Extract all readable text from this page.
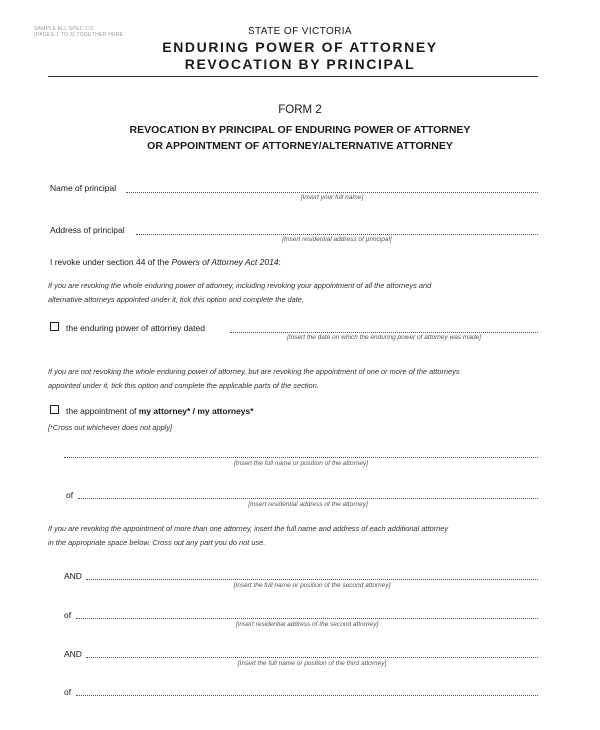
SAMPLE ALL SPEC 1/3
(PAGES 1 TO 3) TOGETHER HERE	STATE OF VICTORIA
ENDURING POWER OF ATTORNEY
REVOCATION BY PRINCIPAL
FORM 2
REVOCATION BY PRINCIPAL OF ENDURING POWER OF ATTORNEY
OR APPOINTMENT OF ATTORNEY/ALTERNATIVE ATTORNEY
Name of principal
[Insert your full name]
Address of principal
[Insert residential address of principal]
I revoke under section 44 of the Powers of Attorney Act 2014:
If you are revoking the whole enduring power of attorney, including revoking your appointment of all the attorneys and
alternative attorneys appointed under it, tick this option and complete the date.
the enduring power of attorney dated
[Insert the date on which the enduring power of attorney was made]
If you are not revoking the whole enduring power of attorney, but are revoking the appointment of one or more of the attorneys
appointed under it, tick this option and complete the applicable parts of the section.
the appointment of my attorney* / my attorneys*
[*Cross out whichever does not apply]
[Insert the full name or position of the attorney]
of
[Insert residential address of the attorney]
If you are revoking the appointment of more than one attorney, insert the full name and address of each additional attorney
in the appropriate space below. Cross out any part you do not use.
AND
[Insert the full name or position of the second attorney]
of
[Insert residential address of the second attorney]
AND
[Insert the full name or position of the third attorney]
of
